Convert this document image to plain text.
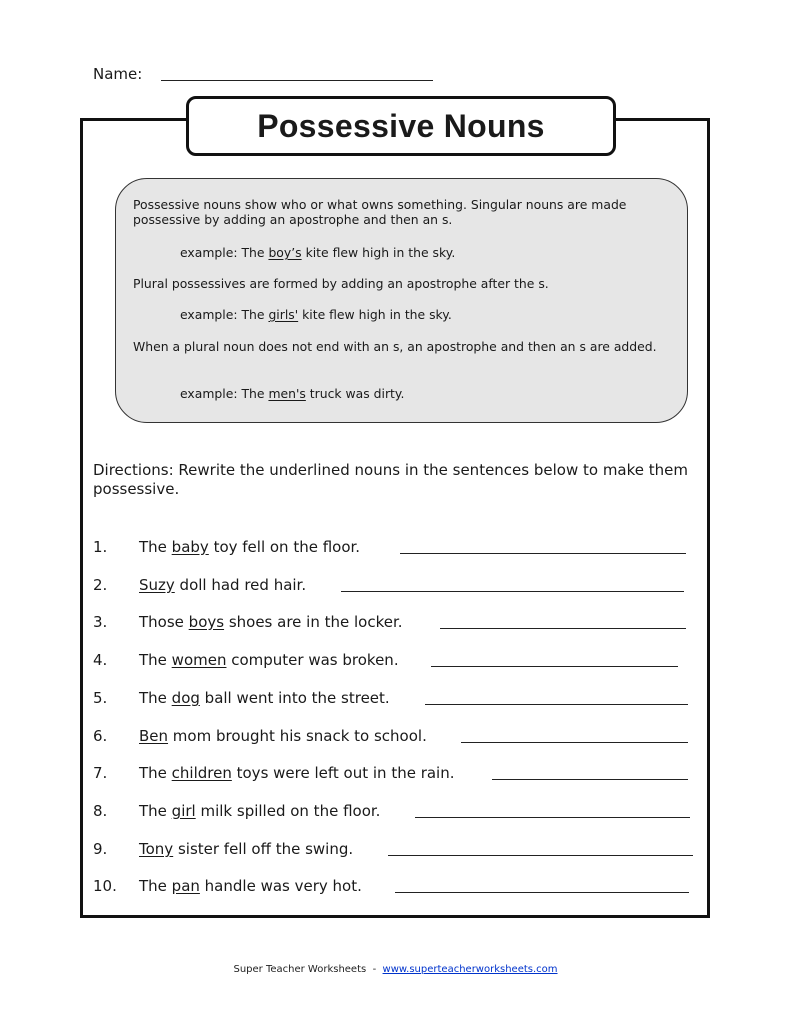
Name:
Possessive Nouns
Possessive nouns show who or what owns something. Singular nouns are made possessive by adding an apostrophe and then an s.
example: The boy’s kite flew high in the sky.
Plural possessives are formed by adding an apostrophe after the s.
example: The girls' kite flew high in the sky.
When a plural noun does not end with an s, an apostrophe and then an s are added.
example: The men's truck was dirty.
Directions: Rewrite the underlined nouns in the sentences below to make them possessive.
1. The baby toy fell on the floor.
2. Suzy doll had red hair.
3. Those boys shoes are in the locker.
4. The women computer was broken.
5. The dog ball went into the street.
6. Ben mom brought his snack to school.
7. The children toys were left out in the rain.
8. The girl milk spilled on the floor.
9. Tony sister fell off the swing.
10. The pan handle was very hot.
Super Teacher Worksheets  -  www.superteacherworksheets.com
